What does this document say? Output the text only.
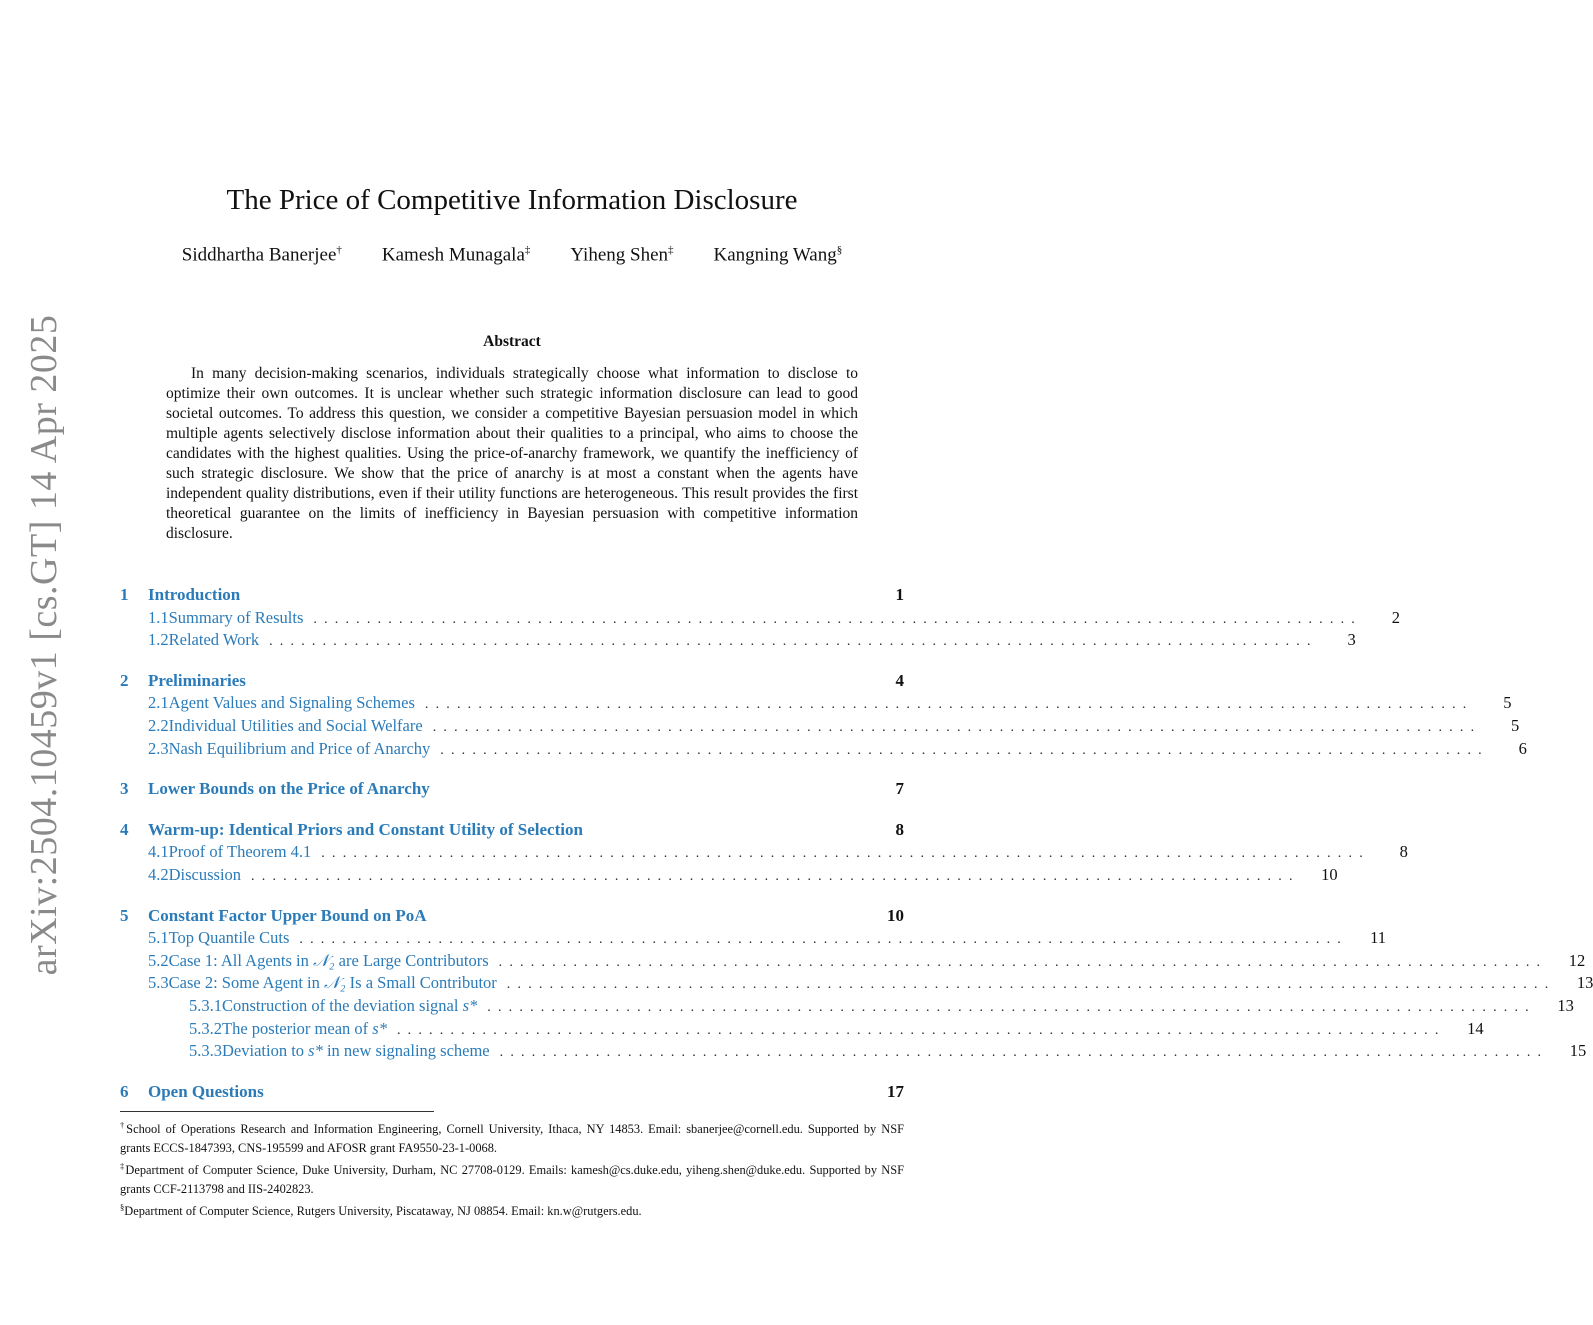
arXiv:2504.10459v1 [cs.GT] 14 Apr 2025
The Price of Competitive Information Disclosure
Siddhartha Banerjee† Kamesh Munagala‡ Yiheng Shen‡ Kangning Wang§
Abstract

In many decision-making scenarios, individuals strategically choose what information to disclose to optimize their own outcomes. It is unclear whether such strategic information disclosure can lead to good societal outcomes. To address this question, we consider a competitive Bayesian persuasion model in which multiple agents selectively disclose information about their qualities to a principal, who aims to choose the candidates with the highest qualities. Using the price-of-anarchy framework, we quantify the inefficiency of such strategic disclosure. We show that the price of anarchy is at most a constant when the agents have independent quality distributions, even if their utility functions are heterogeneous. This result provides the first theoretical guarantee on the limits of inefficiency in Bayesian persuasion with competitive information disclosure.

1	Introduction	1
1.1 Summary of Results ..................................................................................................	2
1.2 Related Work ..................................................................................................	3
2	Preliminaries	4
2.1 Agent Values and Signaling Schemes ..................................................................................................	5
2.2 Individual Utilities and Social Welfare ..................................................................................................	5
2.3 Nash Equilibrium and Price of Anarchy ..................................................................................................	6
3	Lower Bounds on the Price of Anarchy	7
4	Warm-up: Identical Priors and Constant Utility of Selection	8
4.1 Proof of Theorem 4.1 ..................................................................................................	8
4.2 Discussion ..................................................................................................	10
5	Constant Factor Upper Bound on PoA	10
5.1 Top Quantile Cuts ..................................................................................................	11
5.2 Case 1: All Agents in 𝒩₂ are Large Contributors ..................................................................................................	12
5.3 Case 2: Some Agent in 𝒩₂ Is a Small Contributor ..................................................................................................	13
5.3.1 Construction of the deviation signal s* ..................................................................................................	13
5.3.2 The posterior mean of s* ..................................................................................................	14
5.3.3 Deviation to s* in new signaling scheme ..................................................................................................	15
6	Open Questions	17

†School of Operations Research and Information Engineering, Cornell University, Ithaca, NY 14853. Email: sbanerjee@cornell.edu. Supported by NSF grants ECCS-1847393, CNS-195599 and AFOSR grant FA9550-23-1-0068.

‡Department of Computer Science, Duke University, Durham, NC 27708-0129. Emails: kamesh@cs.duke.edu, yiheng.shen@duke.edu. Supported by NSF grants CCF-2113798 and IIS-2402823.

§Department of Computer Science, Rutgers University, Piscataway, NJ 08854. Email: kn.w@rutgers.edu.
